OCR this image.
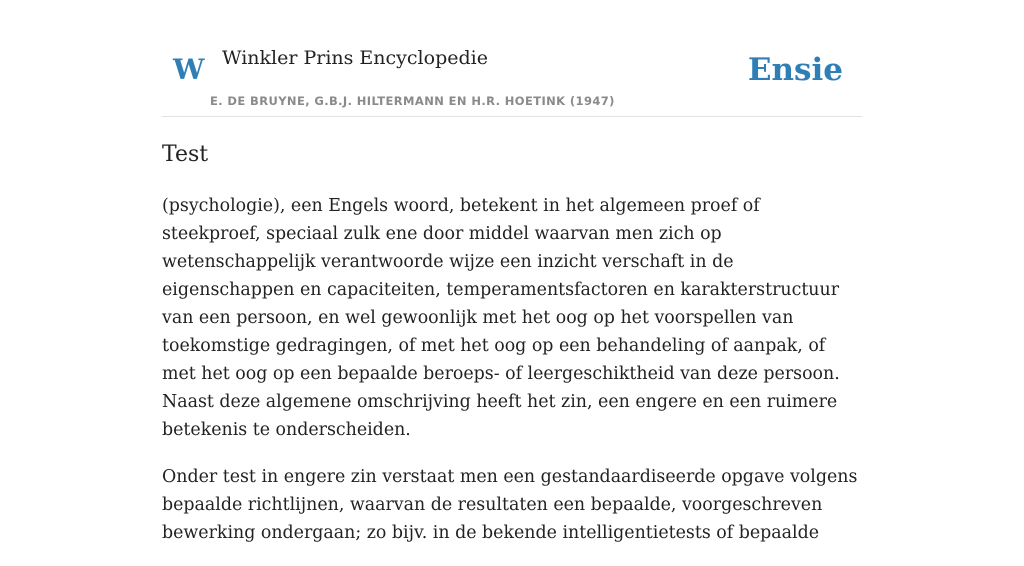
W Winkler Prins Encyclopedie
E. DE BRUYNE, G.B.J. HILTERMANN EN H.R. HOETINK (1947)
Ensie
Test

(psychologie), een Engels woord, betekent in het algemeen proef of steekproef, speciaal zulk ene door middel waarvan men zich op wetenschappelijk verantwoorde wijze een inzicht verschaft in de eigenschappen en capaciteiten, temperamentsfactoren en karakterstructuur van een persoon, en wel gewoonlijk met het oog op het voorspellen van toekomstige gedragingen, of met het oog op een behandeling of aanpak, of met het oog op een bepaalde beroeps- of leergeschiktheid van deze persoon. Naast deze algemene omschrijving heeft het zin, een engere en een ruimere betekenis te onderscheiden.

Onder test in engere zin verstaat men een gestandaardiseerde opgave volgens bepaalde richtlijnen, waarvan de resultaten een bepaalde, voorgeschreven bewerking ondergaan; zo bijv. in de bekende intelligentietests of bepaalde
